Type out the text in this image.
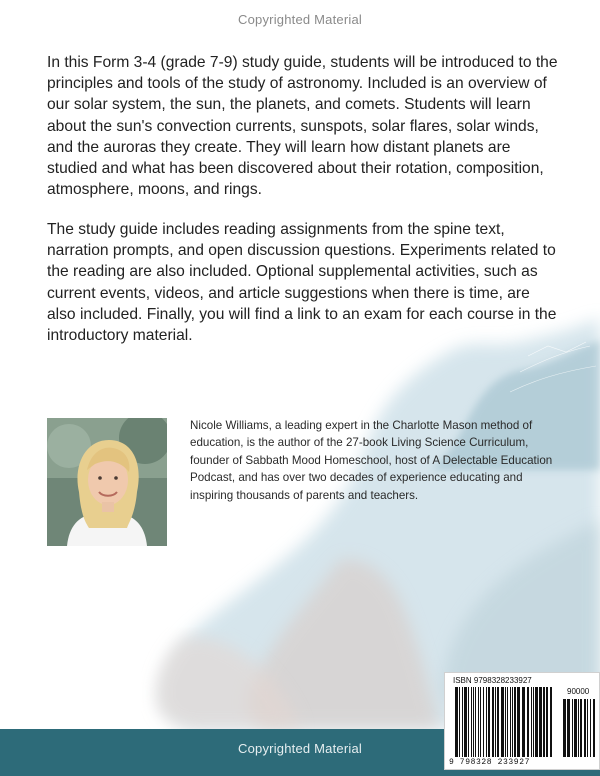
Copyrighted Material

In this Form 3-4 (grade 7-9) study guide, students will be introduced to the principles and tools of the study of astronomy. Included is an overview of our solar system, the sun, the planets, and comets. Students will learn about the sun's convection currents, sunspots, solar flares, solar winds, and the auroras they create. They will learn how distant planets are studied and what has been discovered about their rotation, composition, atmosphere, moons, and rings.

The study guide includes reading assignments from the spine text, narration prompts, and open discussion questions. Experiments related to the reading are also included. Optional supplemental activities, such as current events, videos, and article suggestions when there is time, are also included. Finally, you will find a link to an exam for each course in the introductory material.

Nicole Williams, a leading expert in the Charlotte Mason method of education, is the author of the 27-book Living Science Curriculum, founder of Sabbath Mood Homeschool, host of A Delectable Education Podcast, and has over two decades of experience educating and inspiring thousands of parents and teachers.

Copyrighted Material
ISBN 9798328233927
90000
9 798328 233927
